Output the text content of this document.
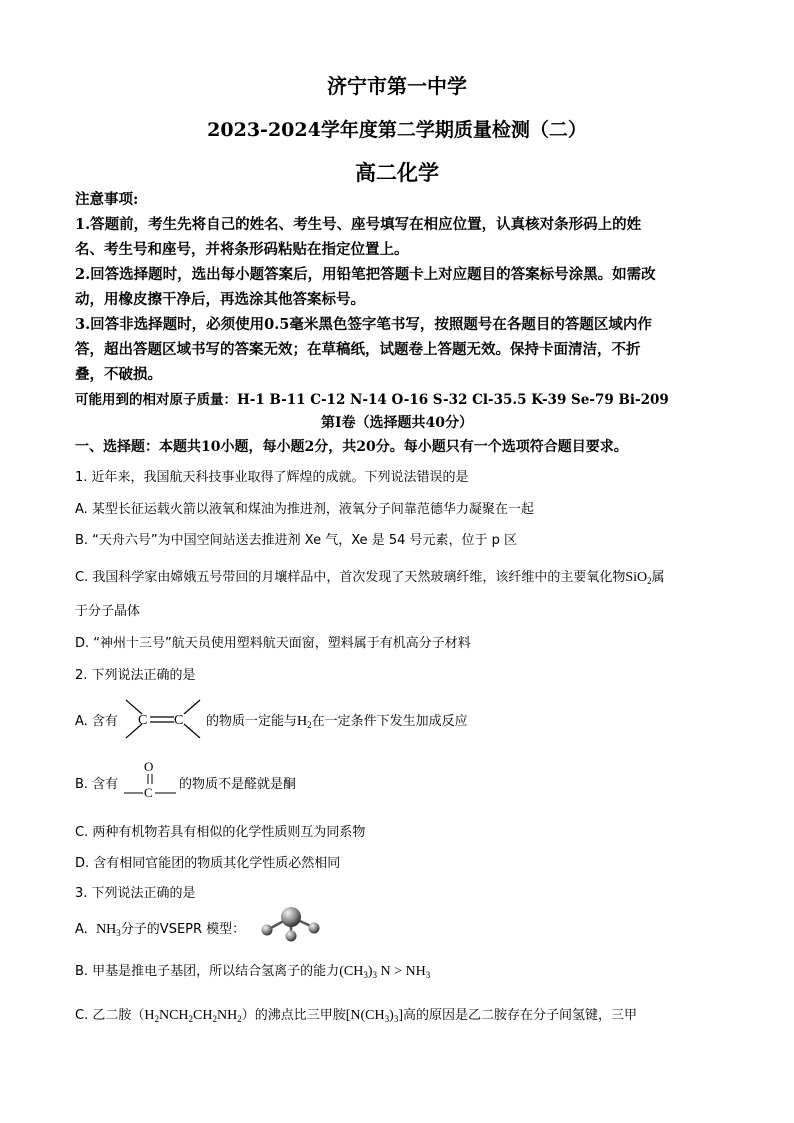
济宁市第一中学
2023-2024学年度第二学期质量检测（二）
高二化学
注意事项:
1.答题前，考生先将自己的姓名、考生号、座号填写在相应位置，认真核对条形码上的姓
名、考生号和座号，并将条形码粘贴在指定位置上。
2.回答选择题时，选出每小题答案后，用铅笔把答题卡上对应题目的答案标号涂黑。如需改
动，用橡皮擦干净后，再选涂其他答案标号。
3.回答非选择题时，必须使用0.5毫米黑色签字笔书写，按照题号在各题目的答题区域内作
答，超出答题区域书写的答案无效；在草稿纸，试题卷上答题无效。保持卡面清洁，不折
叠，不破损。
可能用到的相对原子质量：H-1 B-11 C-12 N-14 O-16 S-32 Cl-35.5 K-39 Se-79 Bi-209
第Ⅰ卷（选择题共40分）
一、选择题：本题共10小题，每小题2分，共20分。每小题只有一个选项符合题目要求。
1. 近年来，我国航天科技事业取得了辉煌的成就。下列说法错误的是
A. 某型长征运载火箭以液氧和煤油为推进剂，液氧分子间靠范德华力凝聚在一起
B. “天舟六号”为中国空间站送去推进剂 Xe 气，Xe 是 54 号元素，位于 p 区
C. 我国科学家由嫦娥五号带回的月壤样品中，首次发现了天然玻璃纤维，该纤维中的主要氧化物SiO$_2$属
于分子晶体
D. “神州十三号”航天员使用塑料航天面窗，塑料属于有机高分子材料
2. 下列说法正确的是
A. 含有 C C 的物质一定能与$H_2$在一定条件下发生加成反应
B. 含有
O
C
的物质不是醛就是酮
C. 两种有机物若具有相似的化学性质则互为同系物
D. 含有相同官能团的物质其化学性质必然相同
3. 下列说法正确的是
A. $NH_3$分子的VSEPR 模型：
B. 甲基是推电子基团，所以结合氢离子的能力$(CH_3)_3$ $N > NH_3$
C. 乙二胺$(H_2NCH_2CH_2NH_2)$的沸点比三甲胺$[N(CH_3)_3]$高的原因是乙二胺存在分子间氢键，三甲
